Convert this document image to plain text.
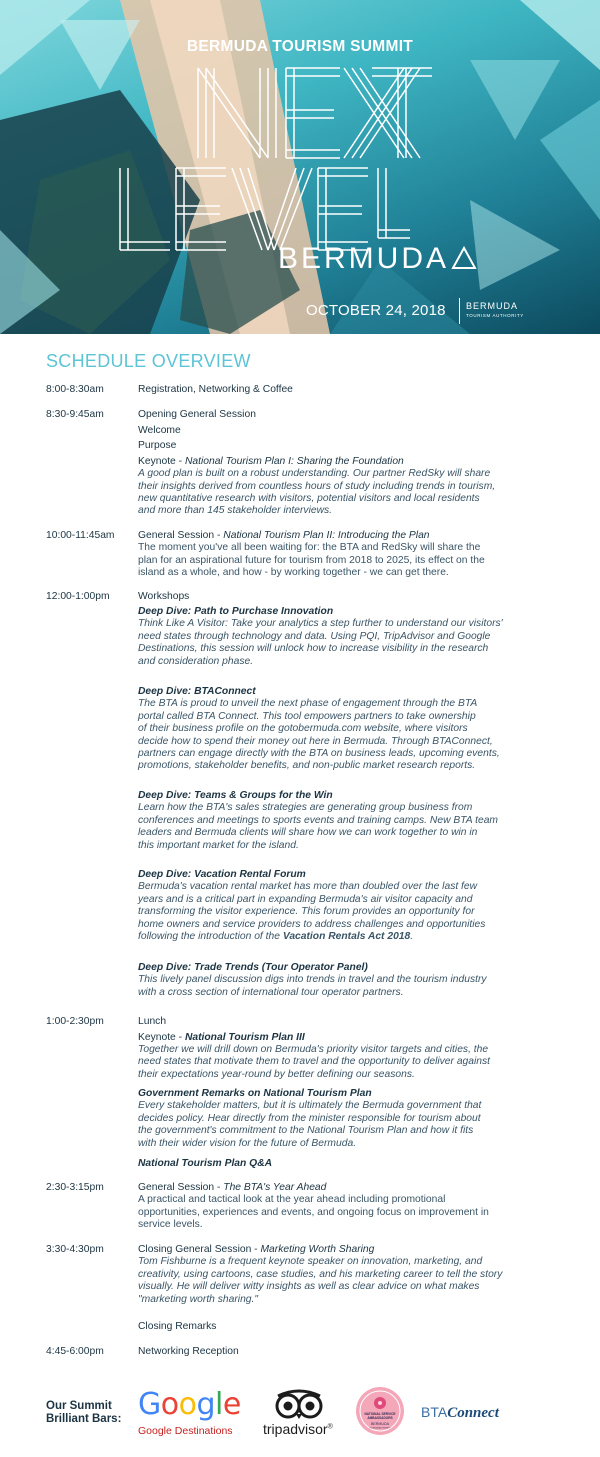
BERMUDA TOURISM SUMMIT
BERMUDA
OCTOBER 24, 2018 BERMUDA
TOURISM AUTHORITY
SCHEDULE OVERVIEW
8:00-8:30am	Registration, Networking & Coffee
8:30-9:45am	Opening General Session
Welcome
Purpose
Keynote - National Tourism Plan I: Sharing the Foundation
A good plan is built on a robust understanding. Our partner RedSky will share
their insights derived from countless hours of study including trends in tourism,
new quantitative research with visitors, potential visitors and local residents
and more than 145 stakeholder interviews.
10:00-11:45am	General Session - National Tourism Plan II: Introducing the Plan
The moment you've all been waiting for: the BTA and RedSky will share the
plan for an aspirational future for tourism from 2018 to 2025, its effect on the
island as a whole, and how - by working together - we can get there.
12:00-1:00pm	Workshops
Deep Dive: Path to Purchase Innovation
Think Like A Visitor: Take your analytics a step further to understand our visitors'
need states through technology and data. Using PQI, TripAdvisor and Google
Destinations, this session will unlock how to increase visibility in the research
and consideration phase.
Deep Dive: BTAConnect
The BTA is proud to unveil the next phase of engagement through the BTA
portal called BTA Connect. This tool empowers partners to take ownership
of their business profile on the gotobermuda.com website, where visitors
decide how to spend their money out here in Bermuda. Through BTAConnect,
partners can engage directly with the BTA on business leads, upcoming events,
promotions, stakeholder benefits, and non-public market research reports.
Deep Dive: Teams & Groups for the Win
Learn how the BTA's sales strategies are generating group business from
conferences and meetings to sports events and training camps. New BTA team
leaders and Bermuda clients will share how we can work together to win in
this important market for the island.
Deep Dive: Vacation Rental Forum
Bermuda's vacation rental market has more than doubled over the last few
years and is a critical part in expanding Bermuda's air visitor capacity and
transforming the visitor experience. This forum provides an opportunity for
home owners and service providers to address challenges and opportunities
following the introduction of the Vacation Rentals Act 2018.
Deep Dive: Trade Trends (Tour Operator Panel)
This lively panel discussion digs into trends in travel and the tourism industry
with a cross section of international tour operator partners.
1:00-2:30pm	Lunch
Keynote - National Tourism Plan III
Together we will drill down on Bermuda's priority visitor targets and cities, the
need states that motivate them to travel and the opportunity to deliver against
their expectations year-round by better defining our seasons.
Government Remarks on National Tourism Plan
Every stakeholder matters, but it is ultimately the Bermuda government that
decides policy. Hear directly from the minister responsible for tourism about
the government's commitment to the National Tourism Plan and how it fits
with their wider vision for the future of Bermuda.
National Tourism Plan Q&A
2:30-3:15pm	General Session - The BTA's Year Ahead
A practical and tactical look at the year ahead including promotional
opportunities, experiences and events, and ongoing focus on improvement in
service levels.
3:30-4:30pm	Closing General Session - Marketing Worth Sharing
Tom Fishburne is a frequent keynote speaker on innovation, marketing, and
creativity, using cartoons, case studies, and his marketing career to tell the story
visually. He will deliver witty insights as well as clear advice on what makes
"marketing worth sharing."
Closing Remarks
4:45-6:00pm	Networking Reception
Our Summit
Brilliant Bars: Google
Google Destinations tripadvisor®
NATIONAL SERVICE
AMBASSADORS
BERMUDA
TOURISM AUTHORITY
BTAConnect
